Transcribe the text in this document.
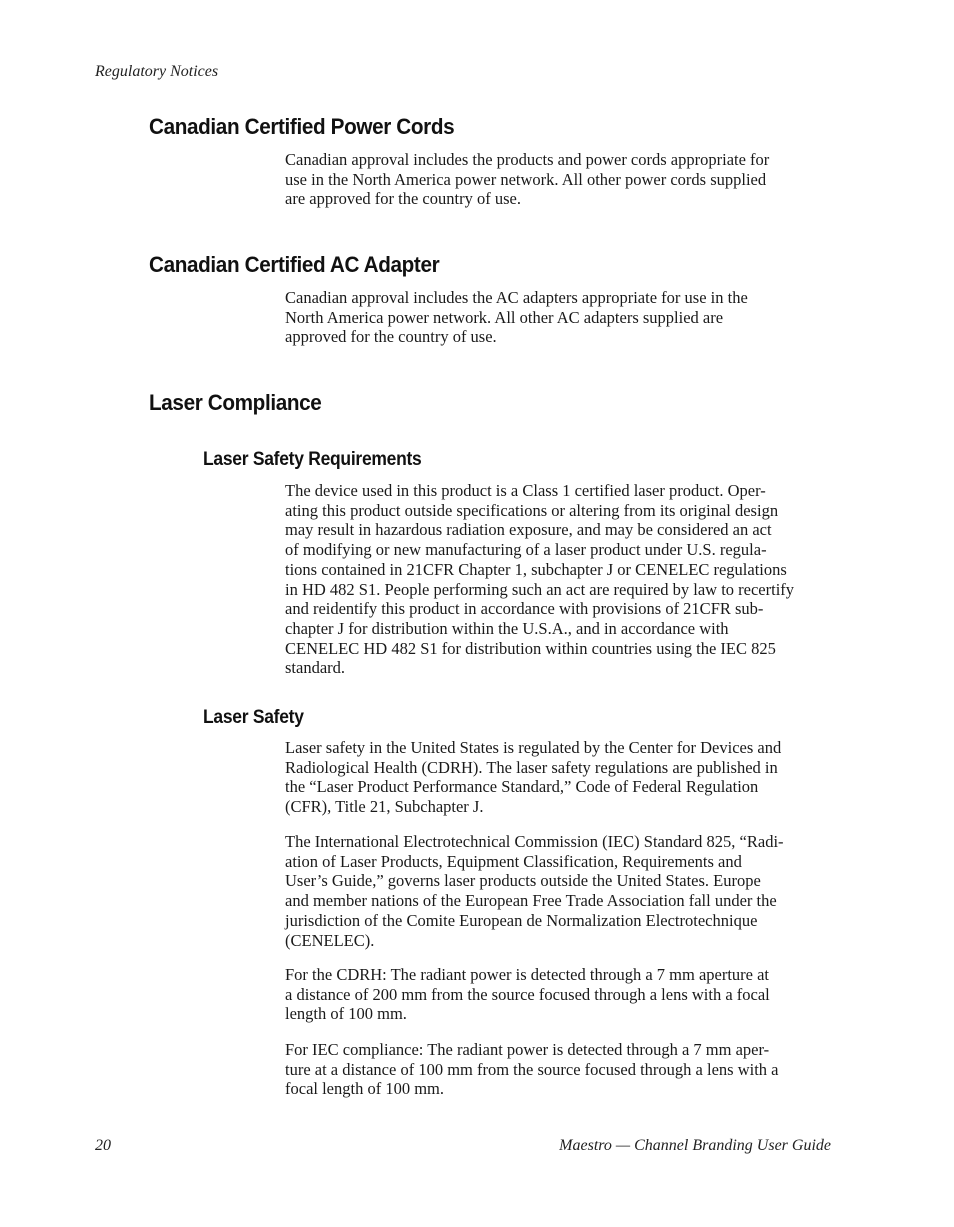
Regulatory Notices
Canadian Certified Power Cords
Canadian approval includes the products and power cords appropriate for
use in the North America power network. All other power cords supplied
are approved for the country of use.
Canadian Certified AC Adapter
Canadian approval includes the AC adapters appropriate for use in the
North America power network. All other AC adapters supplied are
approved for the country of use.
Laser Compliance
Laser Safety Requirements
The device used in this product is a Class 1 certified laser product. Oper-
ating this product outside specifications or altering from its original design
may result in hazardous radiation exposure, and may be considered an act
of modifying or new manufacturing of a laser product under U.S. regula-
tions contained in 21CFR Chapter 1, subchapter J or CENELEC regulations
in HD 482 S1. People performing such an act are required by law to recertify
and reidentify this product in accordance with provisions of 21CFR sub-
chapter J for distribution within the U.S.A., and in accordance with
CENELEC HD 482 S1 for distribution within countries using the IEC 825
standard.
Laser Safety
Laser safety in the United States is regulated by the Center for Devices and
Radiological Health (CDRH). The laser safety regulations are published in
the “Laser Product Performance Standard,” Code of Federal Regulation
(CFR), Title 21, Subchapter J.
The International Electrotechnical Commission (IEC) Standard 825, “Radi-
ation of Laser Products, Equipment Classification, Requirements and
User’s Guide,” governs laser products outside the United States. Europe
and member nations of the European Free Trade Association fall under the
jurisdiction of the Comite European de Normalization Electrotechnique
(CENELEC).
For the CDRH: The radiant power is detected through a 7 mm aperture at
a distance of 200 mm from the source focused through a lens with a focal
length of 100 mm.
For IEC compliance: The radiant power is detected through a 7 mm aper-
ture at a distance of 100 mm from the source focused through a lens with a
focal length of 100 mm.
20	Maestro — Channel Branding User Guide
